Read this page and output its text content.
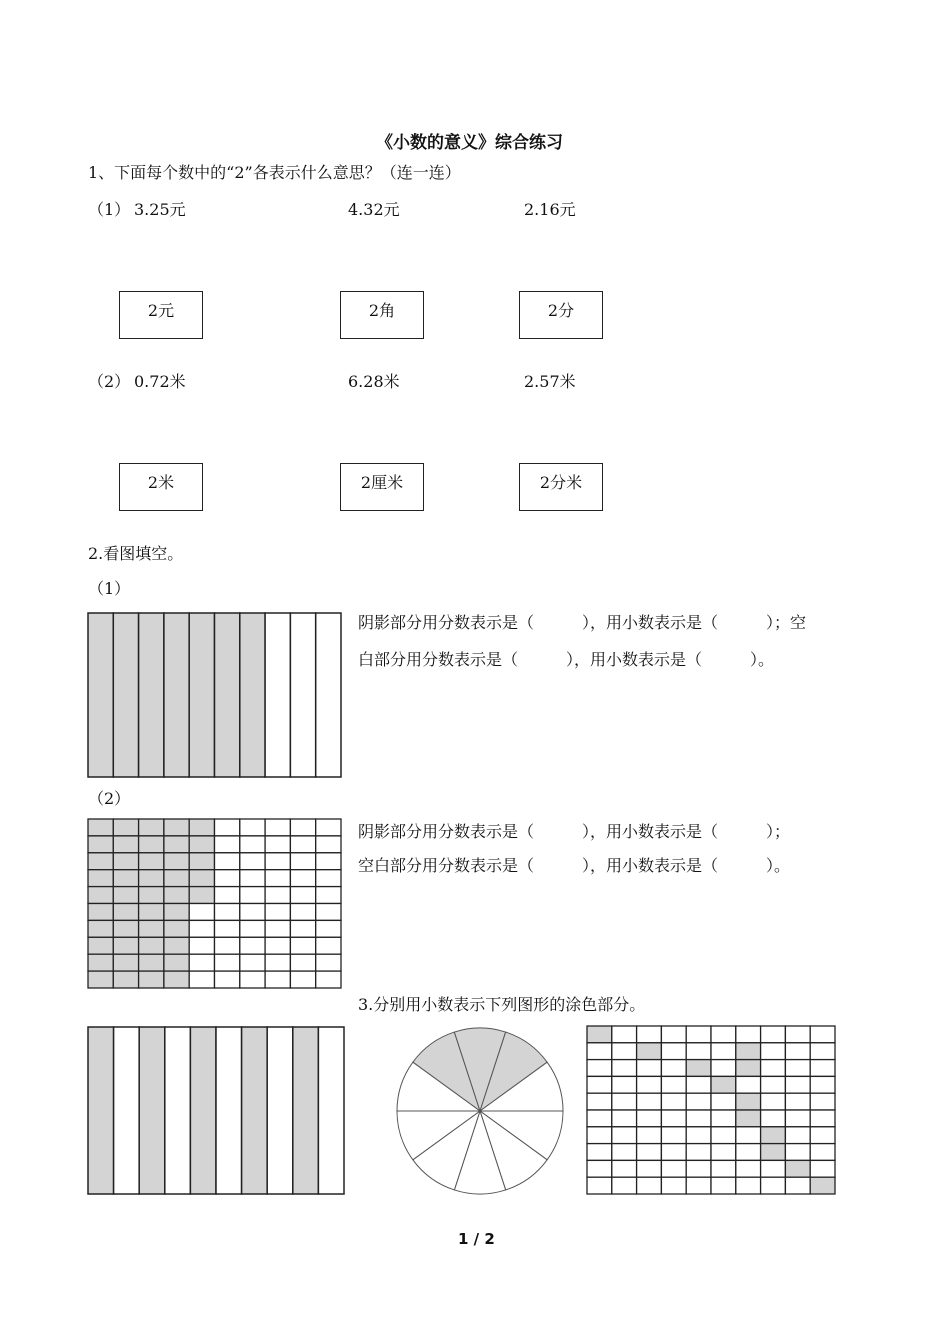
《小数的意义》综合练习
1、下面每个数中的“2”各表示什么意思？（连一连）
（1） 3.25元	4.32元	2.16元
2元	2角	2分
（2） 0.72米	6.28米	2.57米
2米	2厘米	2分米
2.看图填空。
（1）
阴影部分用分数表示是（　　　），用小数表示是（　　　）；空
白部分用分数表示是（　　　），用小数表示是（　　　）。
（2）
阴影部分用分数表示是（　　　），用小数表示是（　　　）；
空白部分用分数表示是（　　　），用小数表示是（　　　）。
3.分别用小数表示下列图形的涂色部分。
1 / 2
